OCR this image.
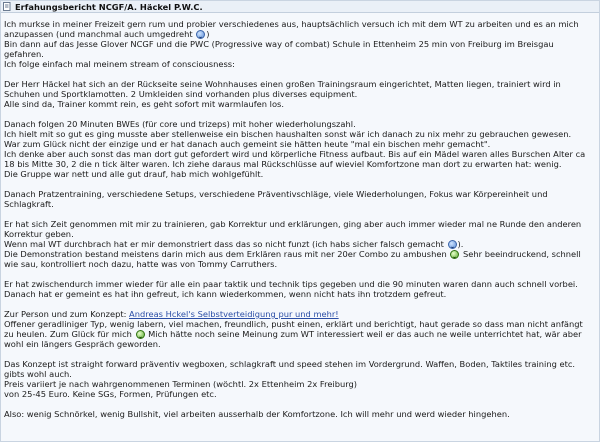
Erfahungsbericht NCGF/A. Häckel P.W.C.

Ich murkse in meiner Freizeit gern rum und probier verschiedenes aus, hauptsächlich versuch ich mit dem WT zu arbeiten und es an mich anzupassen (und manchmal auch umgedreht )
Bin dann auf das Jesse Glover NCGF und die PWC (Progressive way of combat) Schule in Ettenheim 25 min von Freiburg im Breisgau gefahren.
Ich folge einfach mal meinem stream of consciousness:

Der Herr Häckel hat sich an der Rückseite seine Wohnhauses einen großen Trainingsraum eingerichtet, Matten liegen, trainiert wird in Schuhen und Sportklamotten. 2 Umkleiden sind vorhanden plus diverses equipment.
Alle sind da, Trainer kommt rein, es geht sofort mit warmlaufen los.

Danach folgen 20 Minuten BWEs (für core und trizeps) mit hoher wiederholungszahl.
Ich hielt mit so gut es ging musste aber stellenweise ein bischen haushalten sonst wär ich danach zu nix mehr zu gebrauchen gewesen.
War zum Glück nicht der einzige und er hat danach auch gemeint sie hätten heute "mal ein bischen mehr gemacht".
Ich denke aber auch sonst das man dort gut gefordert wird und körperliche Fitness aufbaut. Bis auf ein Mädel waren alles Burschen Alter ca 18 bis Mitte 30, 2 die n tick älter waren. Ich ziehe daraus mal Rückschlüsse auf wieviel Komfortzone man dort zu erwarten hat: wenig.
Die Gruppe war nett und alle gut drauf, hab mich wohlgefühlt.

Danach Pratzentraining, verschiedene Setups, verschiedene Präventivschläge, viele Wiederholungen, Fokus war Körpereinheit und Schlagkraft.

Er hat sich Zeit genommen mit mir zu trainieren, gab Korrektur und erklärungen, ging aber auch immer wieder mal ne Runde den anderen Korrektur geben.
Wenn mal WT durchbrach hat er mir demonstriert dass das so nicht funzt (ich habs sicher falsch gemacht ).
Die Demonstration bestand meistens darin mich aus dem Erklären raus mit ner 20er Combo zu ambushen  Sehr beeindruckend, schnell wie sau, kontrolliert noch dazu, hatte was von Tommy Carruthers.

Er hat zwischendurch immer wieder für alle ein paar taktik und technik tips gegeben und die 90 minuten waren dann auch schnell vorbei.
Danach hat er gemeint es hat ihn gefreut, ich kann wiederkommen, wenn nicht hats ihn trotzdem gefreut.

Zur Person und zum Konzept: Andreas Hckel's Selbstverteidigung pur und mehr!
Offener geradliniger Typ, wenig labern, viel machen, freundlich, pusht einen, erklärt und berichtigt, haut gerade so dass man nicht anfängt zu heulen. Zum Glück für mich  Mich hätte noch seine Meinung zum WT interessiert weil er das auch ne weile unterrichtet hat, wär aber wohl ein längers Gespräch geworden.

Das Konzept ist straight forward präventiv wegboxen, schlagkraft und speed stehen im Vordergrund. Waffen, Boden, Taktiles training etc. gibts wohl auch.
Preis variiert je nach wahrgenommenen Terminen (wöchtl. 2x Ettenheim 2x Freiburg)
von 25-45 Euro. Keine SGs, Formen, Prüfungen etc.

Also: wenig Schnörkel, wenig Bullshit, viel arbeiten ausserhalb der Komfortzone. Ich will mehr und werd wieder hingehen.
